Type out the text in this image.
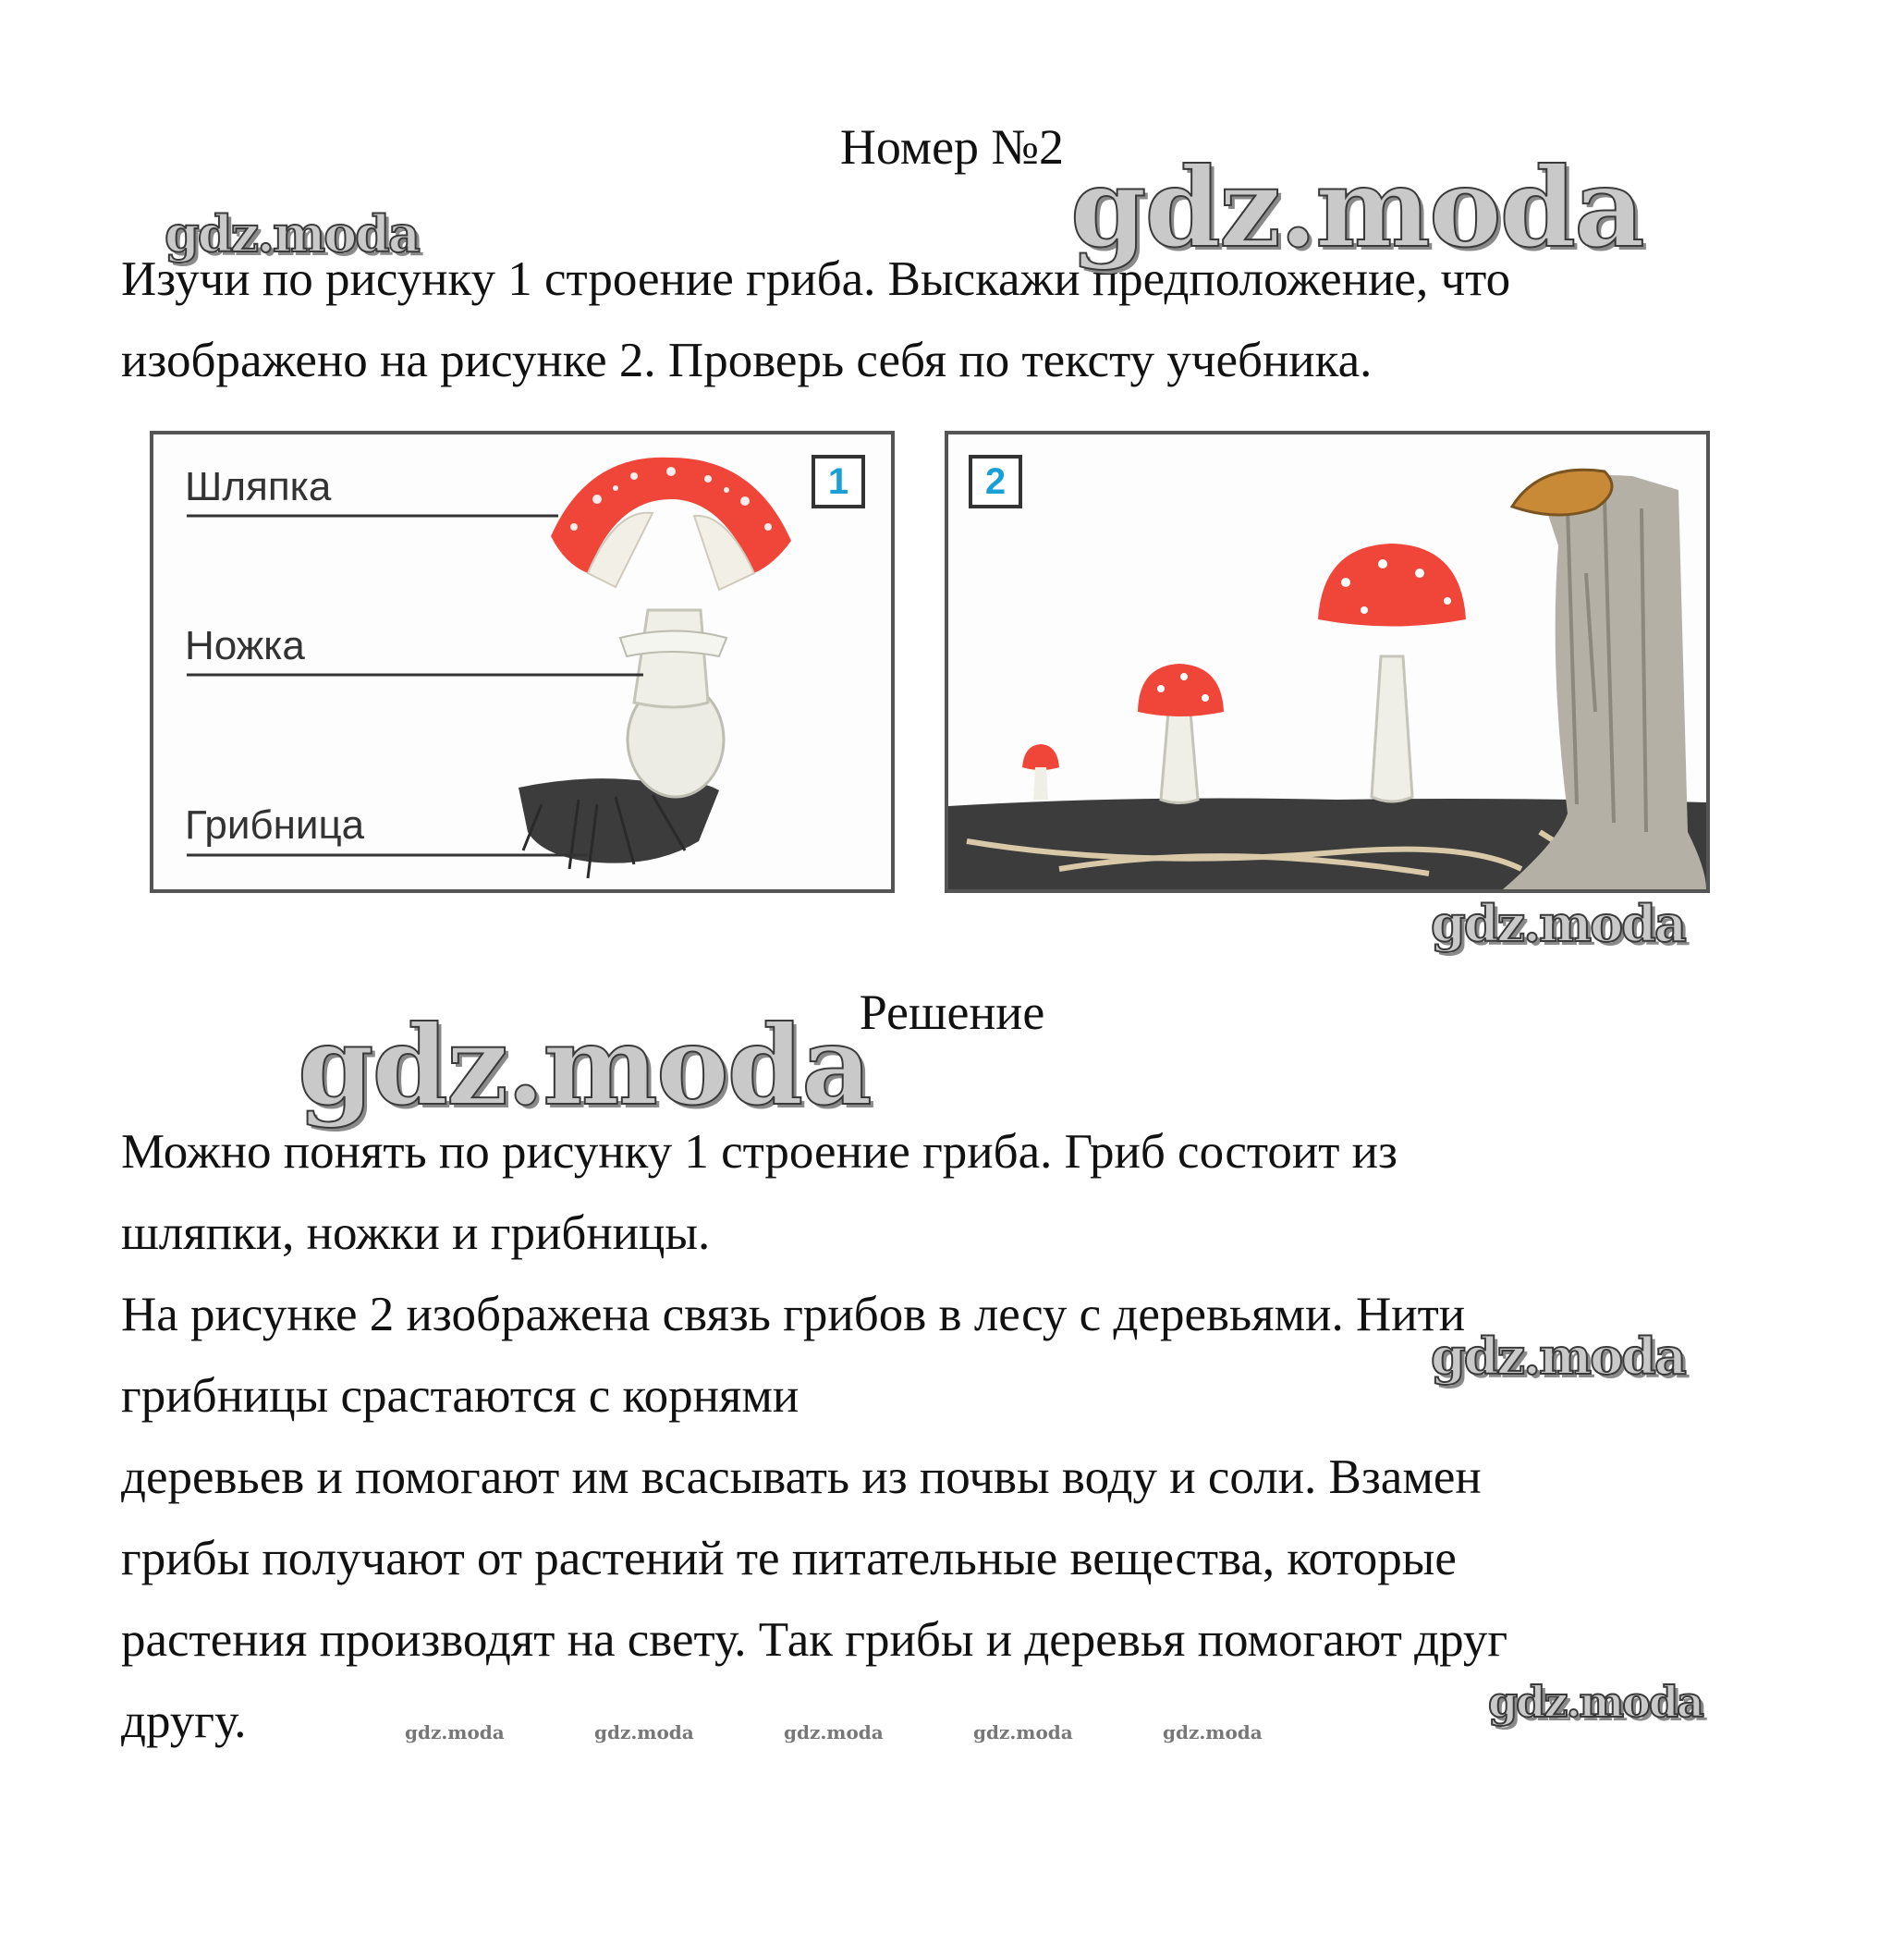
Номер №2

Изучи по рисунку 1 строение гриба. Выскажи предположение, что

изображено на рисунке 2. Проверь себя по тексту учебника.

Шляпка
Ножка
Грибница
1	2
Решение

Можно понять по рисунку 1 строение гриба. Гриб состоит из

шляпки, ножки и грибницы.

На рисунке 2 изображена связь грибов в лесу с деревьями. Нити

грибницы срастаются с корнями

деревьев и помогают им всасывать из почвы воду и соли. Взамен

грибы получают от растений те питательные вещества, которые

растения производят на свету. Так грибы и деревья помогают друг

другу.

gdz.moda	gdz.moda
gdz.moda
gdz.moda
gdz.moda
gdz.moda
gdz.moda	gdz.moda	gdz.moda	gdz.moda	gdz.moda
